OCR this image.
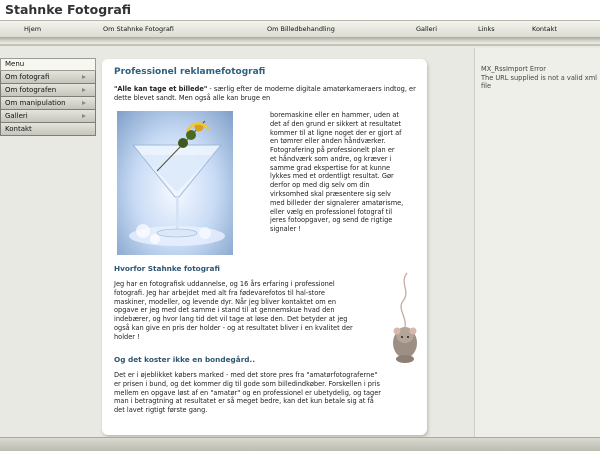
Stahnke Fotografi
Hjem	Om Stahnke Fotografi	Om Billedbehandling	Galleri	Links	Kontakt
Menu
Om fotografi
Om fotografen
Om manipulation
Galleri
Kontakt
Professionel reklamefotografi
"Alle kan tage et billede" - særlig efter de moderne digitale amatørkameraers indtog, er dette blevet sandt. Men også alle kan bruge en
boremaskine eller en hammer, uden at
det af den grund er sikkert at resultatet
kommer til at ligne noget der er gjort af
en tømrer eller anden håndværker.
Fotografering på professionelt plan er
et håndværk som andre, og kræver i
samme grad ekspertise for at kunne
lykkes med et ordentligt resultat. Gør
derfor op med dig selv om din
virksomhed skal præsentere sig selv
med billeder der signalerer amatørisme,
eller vælg en professionel fotograf til
jeres fotoopgaver, og send de rigtige
signaler !
Hvorfor Stahnke fotografi
Jeg har en fotografisk uddannelse, og 16 års erfaring i professionel
fotografi. Jeg har arbejdet med alt fra fødevarefotos til hal-store
maskiner, modeller, og levende dyr. Når jeg bliver kontaktet om en
opgave er jeg med det samme i stand til at gennemskue hvad den
indebærer, og hvor lang tid det vil tage at løse den. Det betyder at jeg
også kan give en pris der holder - og at resultatet bliver i en kvalitet der
holder !
Og det koster ikke en bondegård..
Det er i øjeblikket købers marked - med det store pres fra "amatørfotograferne"
er prisen i bund, og det kommer dig til gode som billedindkøber. Forskellen i pris
mellem en opgave løst af en "amatør" og en professionel er ubetydelig, og tager
man i betragtning at resultatet er så meget bedre, kan det kun betale sig at få
det lavet rigtigt første gang.
MX_RssImport Error
The URL supplied is not a valid xml file
